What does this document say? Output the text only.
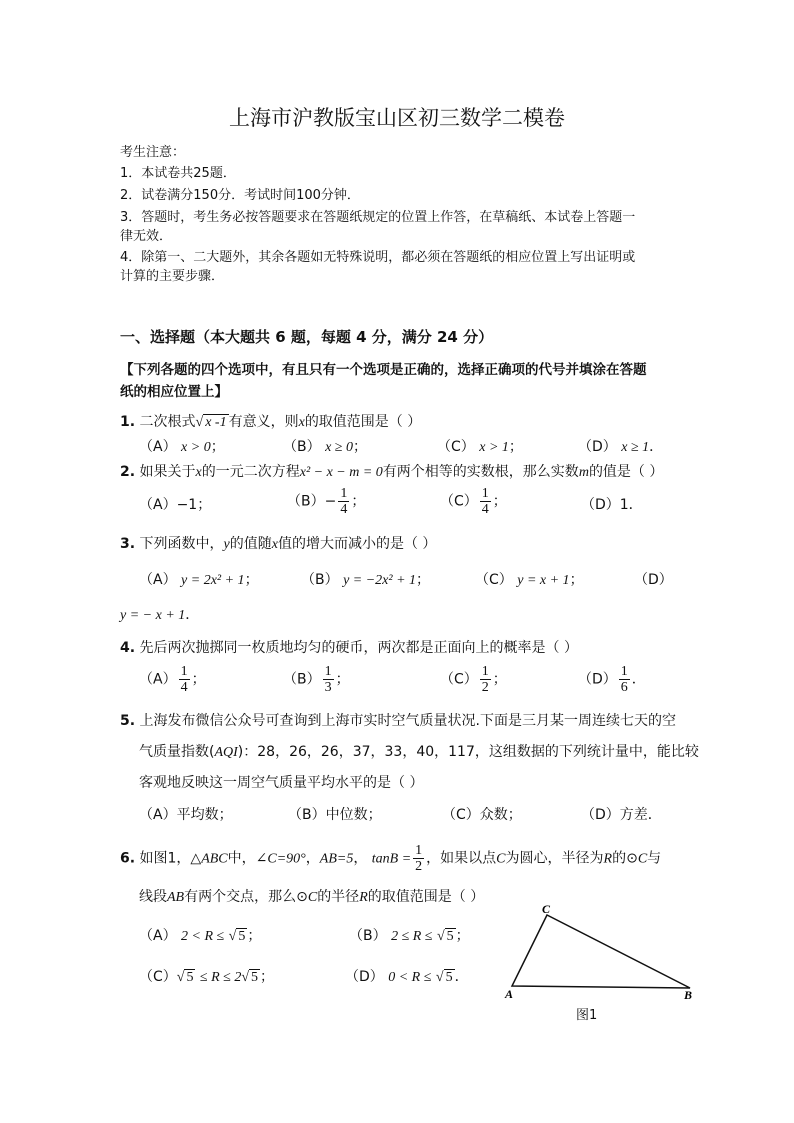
上海市沪教版宝山区初三数学二模卷
考生注意：
1．本试卷共25题．
2．试卷满分150分．考试时间100分钟．
3．答题时，考生务必按答题要求在答题纸规定的位置上作答，在草稿纸、本试卷上答题一
律无效．
4．除第一、二大题外，其余各题如无特殊说明，都必须在答题纸的相应位置上写出证明或
计算的主要步骤．
一、选择题（本大题共 6 题，每题 4 分，满分 24 分）
【下列各题的四个选项中，有且只有一个选项是正确的，选择正确项的代号并填涂在答题
纸的相应位置上】
1. 二次根式√ x -1 有意义，则x的取值范围是（ ）
（A） x > 0；	（B） x ≥ 0；	（C） x > 1；	（D） x ≥ 1．
2. 如果关于x的一元二次方程x² − x − m = 0有两个相等的实数根，那么实数m的值是（ ）
（A）−1；	$(B)- \frac{1}{4}$ ；	$(C) \frac{1}{4}$ ；	（D）1．
3. 下列函数中，y的值随x值的增大而减小的是（ ）
（A） y = 2x² + 1；	（B） y = −2x² + 1；	（C） y = x + 1；	（D）
y = − x + 1．
4. 先后两次抛掷同一枚质地均匀的硬币，两次都是正面向上的概率是（ ）
$(A) \frac{1}{4}$ ；	$(B) \frac{1}{3}$ ；	$(C) \frac{1}{2}$ ；	$(D) \frac{1}{6}$ ．
5. 上海发布微信公众号可查询到上海市实时空气质量状况.下面是三月某一周连续七天的空
气质量指数(AQI)：28，26，26，37，33，40，117，这组数据的下列统计量中，能比较
客观地反映这一周空气质量平均水平的是（ ）
（A）平均数；	（B）中位数；	（C）众数；	（D）方差．
6. 如图1，△ABC中，∠C=90°，AB=5， $\tan B = \frac{1}{2}$ ，如果以点C为圆心，半径为R的⊙C与
线段AB有两个交点，那么⊙C的半径R的取值范围是（ ）
（A） 2 < R ≤ √ 5 ；	（B） 2 ≤ R ≤ √ 5 ；
（C）√ 5 ≤ R ≤ 2√ 5 ；	（D） 0 < R ≤ √ 5 ．
C
A	B
图1
